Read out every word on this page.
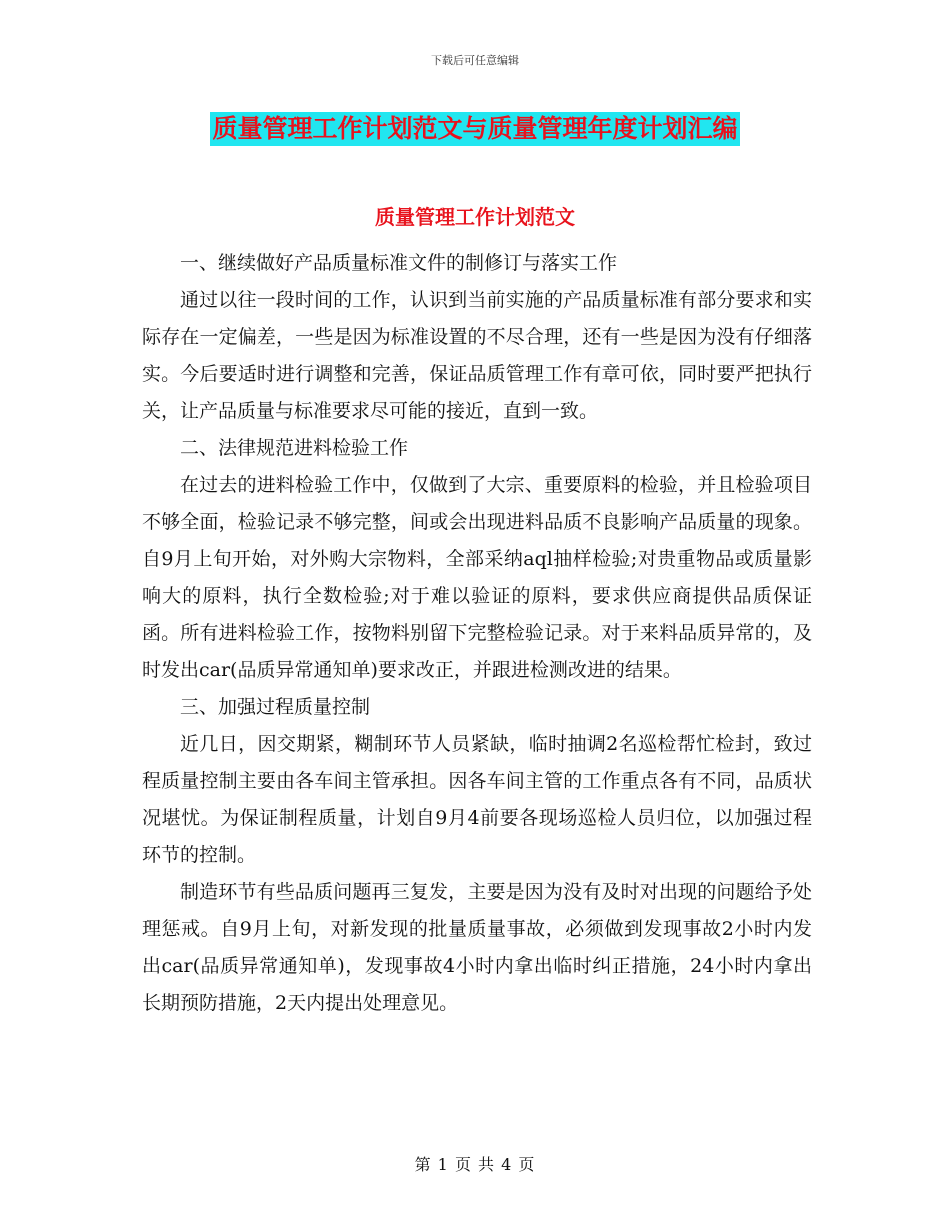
下载后可任意编辑
质量管理工作计划范文与质量管理年度计划汇编
质量管理工作计划范文

一、继续做好产品质量标准文件的制修订与落实工作

通过以往一段时间的工作，认识到当前实施的产品质量标准有部分要求和实际存在一定偏差，一些是因为标准设置的不尽合理，还有一些是因为没有仔细落实。今后要适时进行调整和完善，保证品质管理工作有章可依，同时要严把执行关，让产品质量与标准要求尽可能的接近，直到一致。

二、法律规范进料检验工作

在过去的进料检验工作中，仅做到了大宗、重要原料的检验，并且检验项目不够全面，检验记录不够完整，间或会出现进料品质不良影响产品质量的现象。自9月上旬开始，对外购大宗物料，全部采纳aql抽样检验;对贵重物品或质量影响大的原料，执行全数检验;对于难以验证的原料，要求供应商提供品质保证函。所有进料检验工作，按物料别留下完整检验记录。对于来料品质异常的，及时发出car(品质异常通知单)要求改正，并跟进检测改进的结果。

三、加强过程质量控制

近几日，因交期紧，糊制环节人员紧缺，临时抽调2名巡检帮忙检封，致过程质量控制主要由各车间主管承担。因各车间主管的工作重点各有不同，品质状况堪忧。为保证制程质量，计划自9月4前要各现场巡检人员归位，以加强过程环节的控制。

制造环节有些品质问题再三复发，主要是因为没有及时对出现的问题给予处理惩戒。自9月上旬，对新发现的批量质量事故，必须做到发现事故2小时内发出car(品质异常通知单)，发现事故4小时内拿出临时纠正措施，24小时内拿出长期预防措施，2天内提出处理意见。

第 1 页 共 4 页
